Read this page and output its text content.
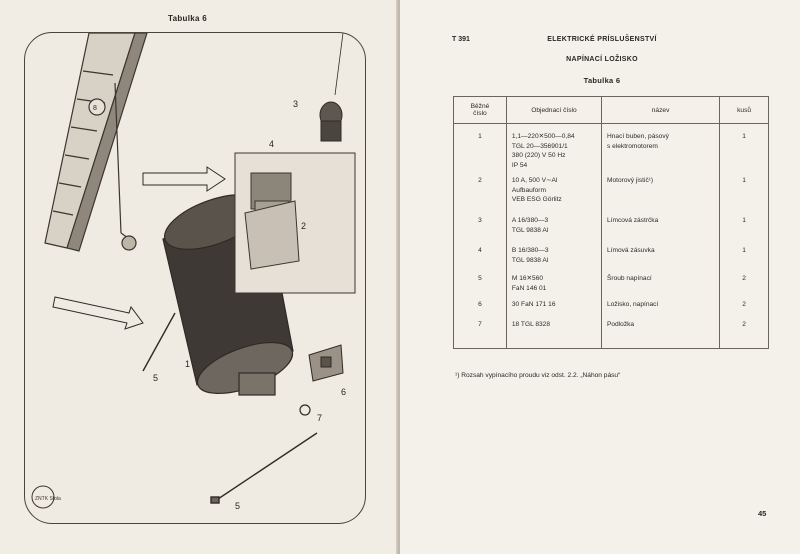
Tabulka 6
8	3
4
2
1
5
6
7
5
ZNTK Stola
T 391	ELEKTRICKÉ PRÍSLUŠENSTVÍ
NAPÍNACÍ LOŽISKO
Tabulka 6
Běžné
číslo	Objednací číslo	název	kusů
1	1,1—220✕500—0,84
TGL 20—356901/1
380 (220) V 50 Hz
IP 54	Hnací buben, pásový
s elektromotorem	1
2	10 A, 500 V∼Al
Aufbauform
VEB ESG Görlitz	Motorový jistič¹)	1
3	A 16/380—3
TGL 9838 Al	Límcová zástrčka	1
4	B 16/380—3
TGL 9838 Al	Límová zásuvka	1
5	M 16✕560
FaN 146 01	Šroub napínací	2
6	30 FaN 171 16	Ložisko, napínací	2
7	18 TGL 8328	Podložka	2
¹) Rozsah vypínacího proudu viz odst. 2.2. „Náhon pásu“
45
